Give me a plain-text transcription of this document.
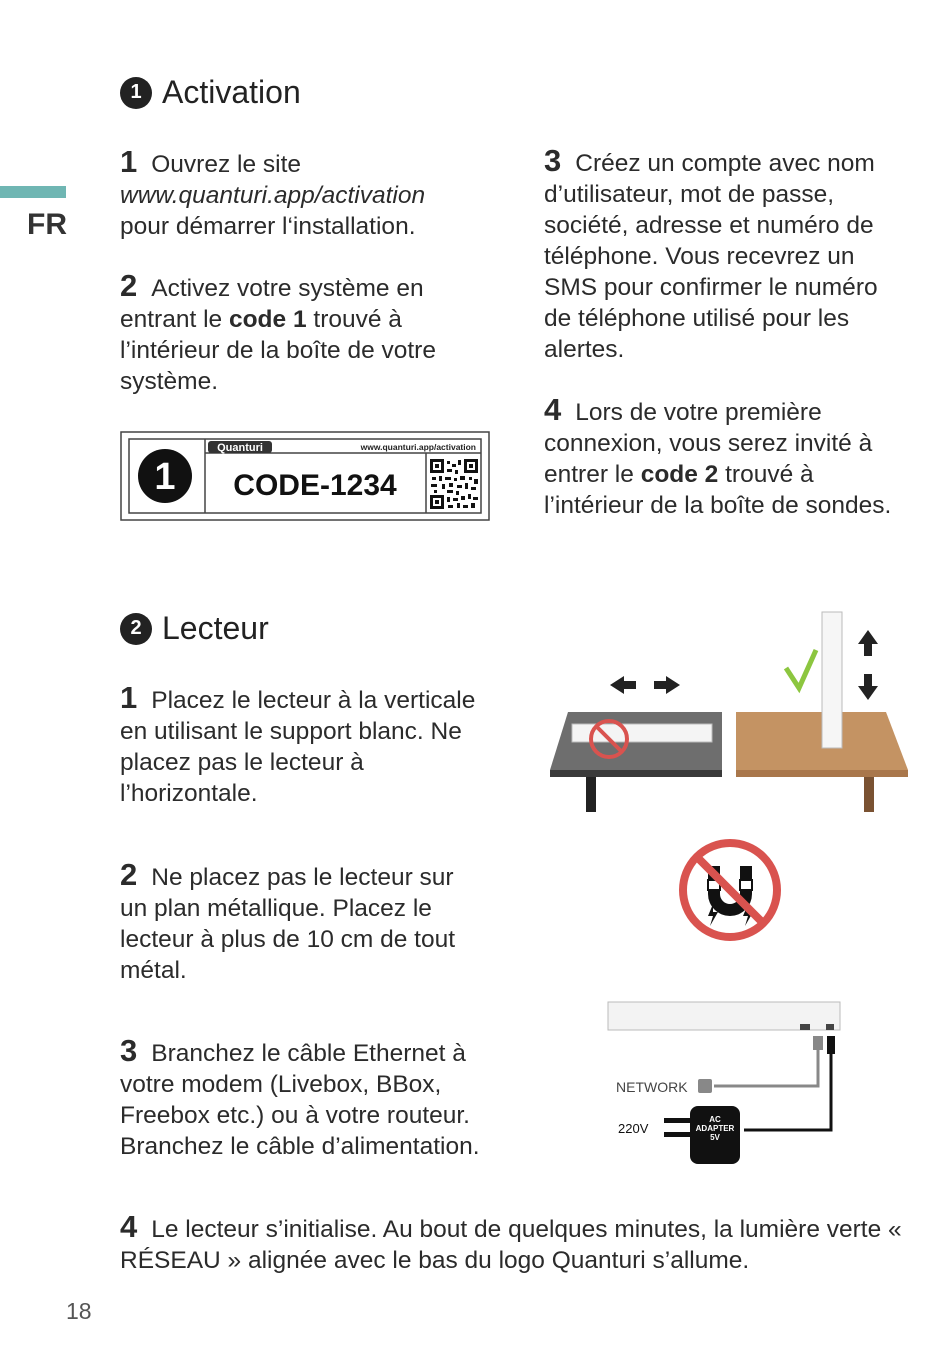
FR
1 Activation
1 Ouvrez le site
www.quanturi.app/activation
pour démarrer l‘installation.
2 Activez votre système en entrant le code 1 trouvé à l’intérieur de la boîte de votre système.
3 Créez un compte avec nom d’utilisateur, mot de passe, société, adresse et numéro de téléphone. Vous recevrez un SMS pour confirmer le numéro de téléphone utilisé pour les alertes.
4 Lors de votre première connexion, vous serez invité à entrer le code 2 trouvé à l’intérieur de la boîte de sondes.
1
Quanturi	www.quanturi.app/activation
CODE-1234
2 Lecteur
1 Placez le lecteur à la verticale en utilisant le support blanc. Ne placez pas le lecteur à l’horizontale.
2 Ne placez pas le lecteur sur un plan métallique. Placez le lecteur à plus de 10 cm de tout métal.
3 Branchez le câble Ethernet à votre modem (Livebox, BBox, Freebox etc.) ou à votre routeur. Branchez le câble d’alimentation.
4 Le lecteur s’initialise. Au bout de quelques minutes, la lumière verte « RÉSEAU » alignée avec le bas du logo Quanturi s’allume.
NETWORK
220V
AC
ADAPTER
5V
18
